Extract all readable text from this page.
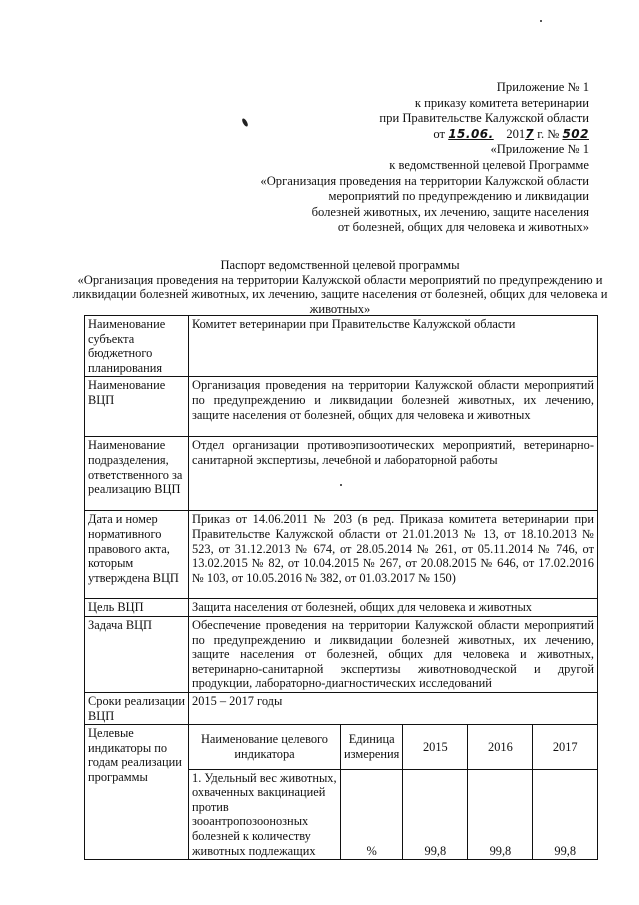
Приложение № 1
к приказу комитета ветеринарии
при Правительстве Калужской области
от 15.06. 2017 г. № 502
«Приложение № 1
к ведомственной целевой Программе
«Организация проведения на территории Калужской области
мероприятий по предупреждению и ликвидации
болезней животных, их лечению, защите населения
от болезней, общих для человека и животных»
Паспорт ведомственной целевой программы
«Организация проведения на территории Калужской области мероприятий по предупреждению и ликвидации болезней животных, их лечению, защите населения от болезней, общих для человека и животных»
Наименование субъекта бюджетного планирования	Комитет ветеринарии при Правительстве Калужской области
Наименование ВЦП	Организация проведения на территории Калужской области мероприятий по предупреждению и ликвидации болезней животных, их лечению, защите населения от болезней, общих для человека и животных
Наименование подразделения, ответственного за реализацию ВЦП	Отдел организации противоэпизоотических мероприятий, ветеринарно-санитарной экспертизы, лечебной и лабораторной работы
Дата и номер нормативного правового акта, которым утверждена ВЦП	Приказ от 14.06.2011 № 203 (в ред. Приказа комитета ветеринарии при Правительстве Калужской области от 21.01.2013 № 13, от 18.10.2013 № 523, от 31.12.2013 № 674, от 28.05.2014 № 261, от 05.11.2014 № 746, от 13.02.2015 № 82, от 10.04.2015 № 267, от 20.08.2015 № 646, от 17.02.2016 № 103, от 10.05.2016 № 382, от 01.03.2017 № 150)
Цель ВЦП	Защита населения от болезней, общих для человека и животных
Задача ВЦП	Обеспечение проведения на территории Калужской области мероприятий по предупреждению и ликвидации болезней животных, их лечению, защите населения от болезней, общих для человека и животных, ветеринарно-санитарной экспертизы животноводческой и другой продукции, лабораторно-диагностических исследований
Сроки реализации ВЦП	2015 – 2017 годы
Целевые индикаторы по годам реализации программы	
Наименование целевого индикатора	Единица измерения	2015	2016	2017
1. Удельный вес животных, охваченных вакцинацией против зооантропозоонозных болезней к количеству животных подлежащих	%	99,8	99,8	99,8
